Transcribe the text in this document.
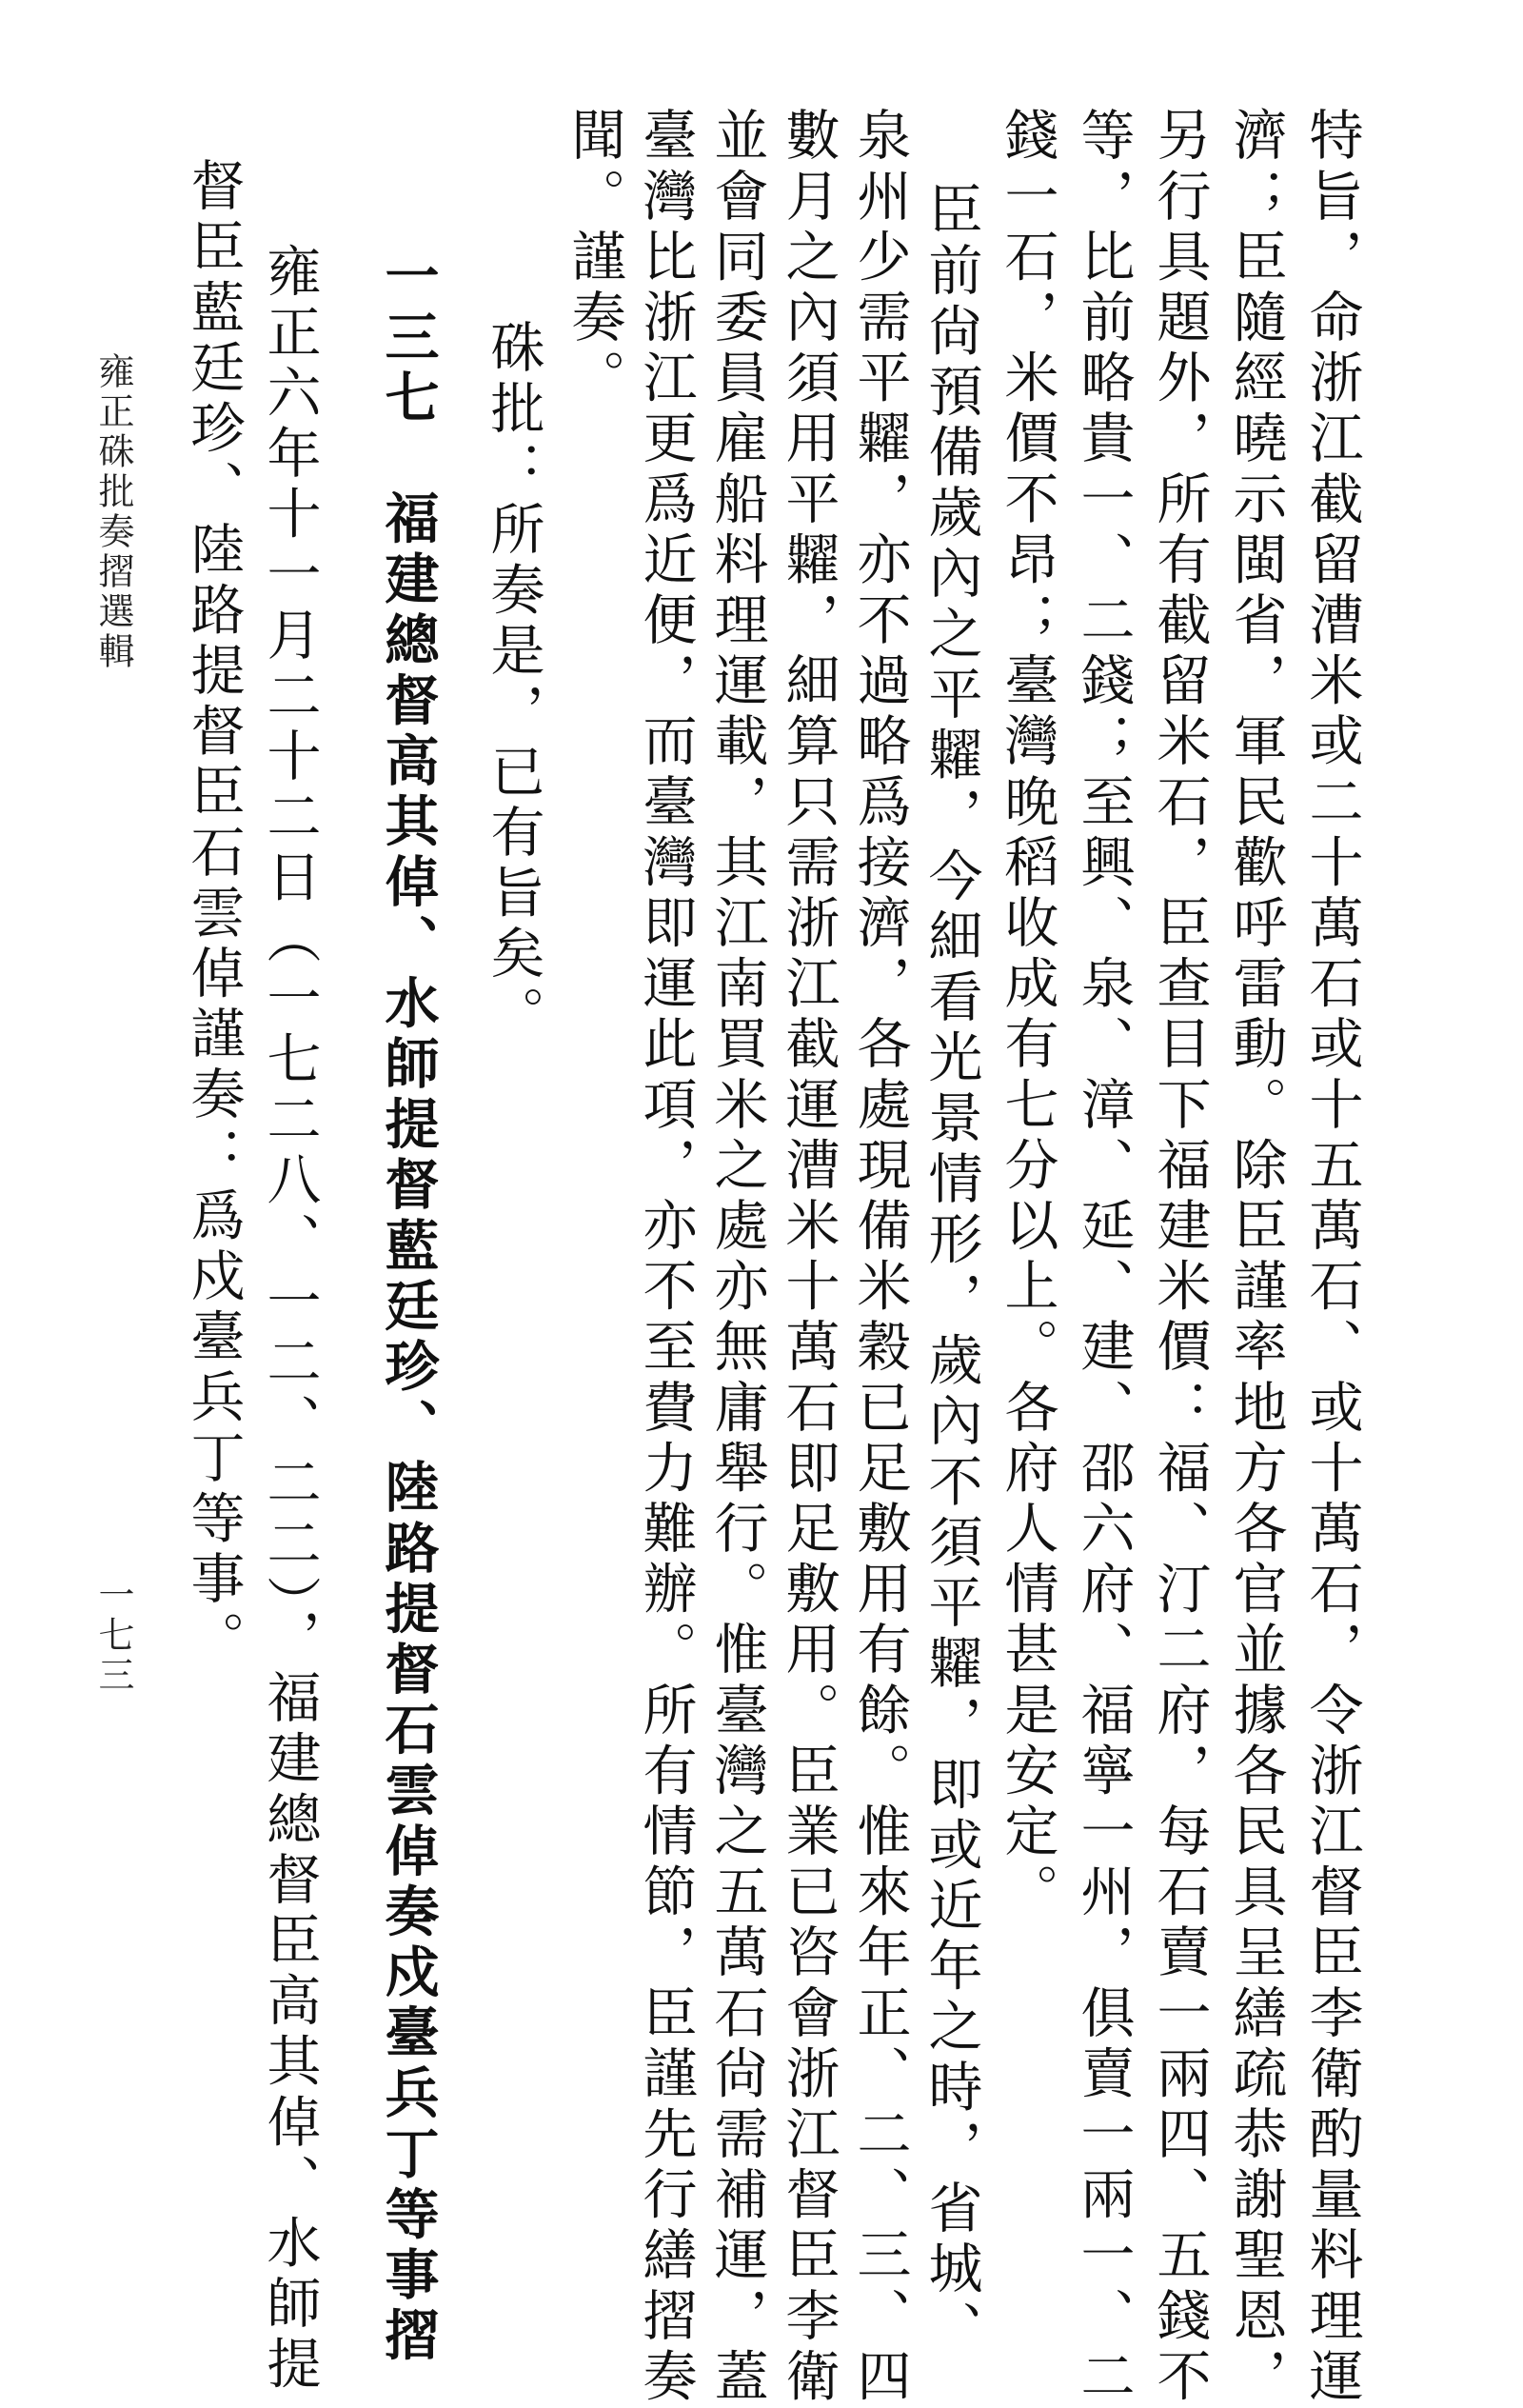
特旨，命浙江截留漕米或二十萬石或十五萬石、或十萬石，令浙江督臣李衛酌量料理運
濟；臣隨經曉示閩省，軍民歡呼雷動。除臣謹率地方各官並據各民具呈繕疏恭謝聖恩，
另行具題外，所有截留米石，臣查目下福建米價：福、汀二府，每石賣一兩四、五錢不
等，比前略貴一、二錢；至興、泉、漳、延、建、邵六府、福寧一州，俱賣一兩一、二
錢一石，米價不昂；臺灣晚稻收成有七分以上。各府人情甚是安定。
臣前尙預備歲內之平糶，今細看光景情形，歲內不須平糶，即或近年之時，省城、
泉州少需平糶，亦不過略爲接濟，各處現備米穀已足敷用有餘。惟來年正、二、三、四
數月之內須用平糶，細算只需浙江截運漕米十萬石即足敷用。臣業已咨會浙江督臣李衛
並會同委員雇船料理運載，其江南買米之處亦無庸舉行。惟臺灣之五萬石尙需補運，蓋
臺灣比浙江更爲近便，而臺灣即運此項，亦不至費力難辦。所有情節，臣謹先行繕摺奏
聞。謹奏。
硃批：所奏是，已有旨矣。
一三七　福建總督高其倬、水師提督藍廷珍、陸路提督石雲倬奏戍臺兵丁等事摺
雍正六年十一月二十二日（一七二八、一二、二二），福建總督臣高其倬、水師提
督臣藍廷珍、陸路提督臣石雲倬謹奏：爲戍臺兵丁等事。
雍正硃批奏摺選輯
一七三
